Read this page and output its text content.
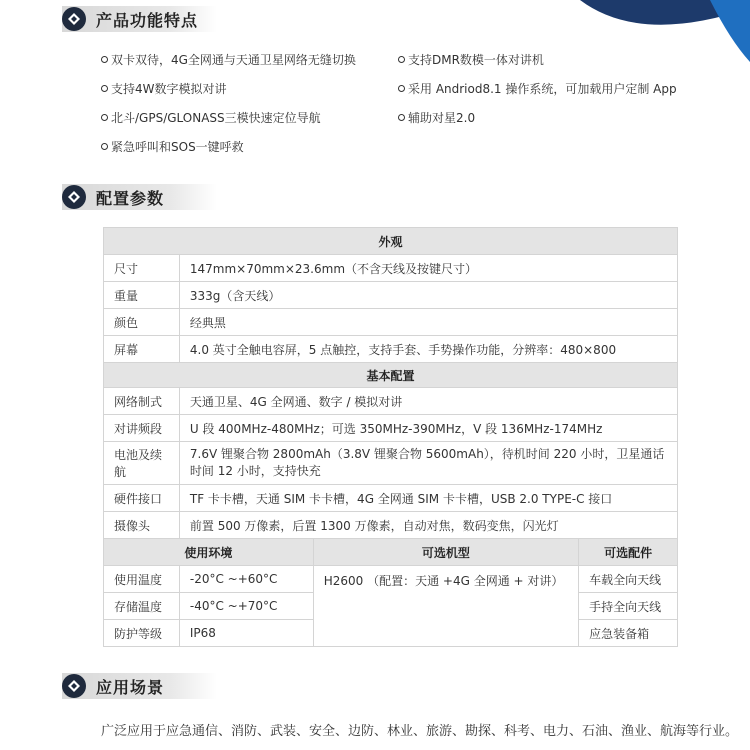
产品功能特点
双卡双待，4G全网通与天通卫星网络无缝切换
支持4W数字模拟对讲
北斗/GPS/GLONASS三模快速定位导航
紧急呼叫和SOS一键呼救
支持DMR数模一体对讲机
采用 Andriod8.1 操作系统，可加载用户定制 App
辅助对星2.0
配置参数
外观			
尺寸	147mm×70mm×23.6mm（不含天线及按键尺寸）		
重量	333g（含天线）		
颜色	经典黑		
屏幕	4.0 英寸全触电容屏，5 点触控，支持手套、手势操作功能，分辨率：480×800		
基本配置			
网络制式	天通卫星、4G 全网通、数字 / 模拟对讲		
对讲频段	U 段 400MHz-480MHz；可选 350MHz-390MHz，V 段 136MHz-174MHz		
电池及续航	7.6V 锂聚合物 2800mAh（3.8V 锂聚合物 5600mAh），待机时间 220 小时，卫星通话时间 12 小时，支持快充		
硬件接口	TF 卡卡槽，天通 SIM 卡卡槽，4G 全网通 SIM 卡卡槽，USB 2.0 TYPE-C 接口		
摄像头	前置 500 万像素，后置 1300 万像素，自动对焦，数码变焦，闪光灯		
使用环境		可选机型	可选配件
使用温度	-20°C ~+60°C	H2600 （配置：天通 +4G 全网通 + 对讲）	车载全向天线
存储温度	-40°C ~+70°C		手持全向天线
防护等级	IP68		应急装备箱
应用场景
广泛应用于应急通信、消防、武装、安全、边防、林业、旅游、勘探、科考、电力、石油、渔业、航海等行业。
